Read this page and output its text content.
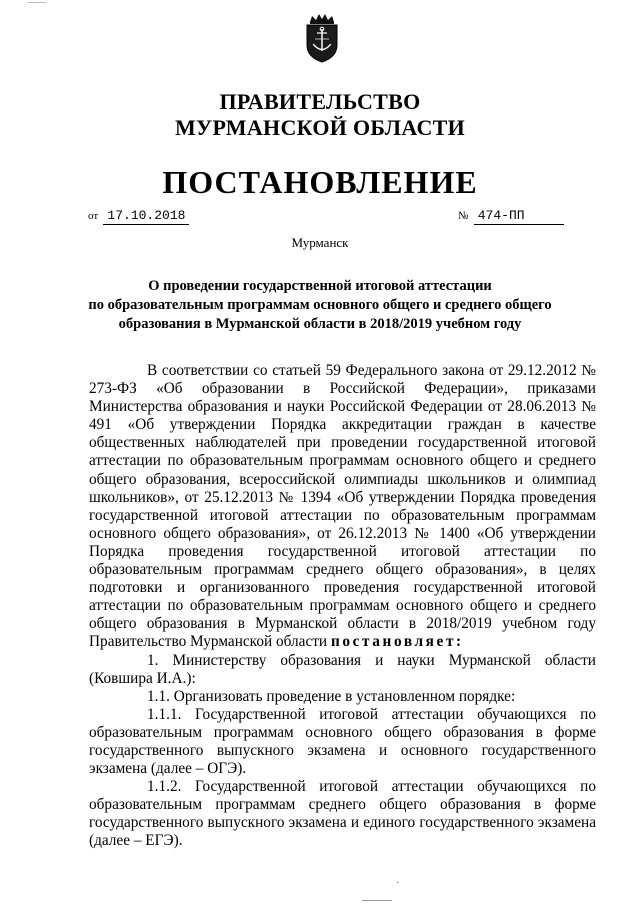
ПРАВИТЕЛЬСТВО
МУРМАНСКОЙ ОБЛАСТИ
ПОСТАНОВЛЕНИЕ
от 17.10.2018	№ 474-ПП
Мурманск
О проведении государственной итоговой аттестации
по образовательным программам основного общего и среднего общего
образования в Мурманской области в 2018/2019 учебном году

В соответствии со статьей 59 Федерального закона от 29.12.2012 № 273-ФЗ «Об образовании в Российской Федерации», приказами Министерства образования и науки Российской Федерации от 28.06.2013 № 491 «Об утверждении Порядка аккредитации граждан в качестве общественных наблюдателей при проведении государственной итоговой аттестации по образовательным программам основного общего и среднего общего образования, всероссийской олимпиады школьников и олимпиад школьников», от 25.12.2013 № 1394 «Об утверждении Порядка проведения государственной итоговой аттестации по образовательным программам основного общего образования», от 26.12.2013 № 1400 «Об утверждении Порядка проведения государственной итоговой аттестации по образовательным программам среднего общего образования», в целях подготовки и организованного проведения государственной итоговой аттестации по образовательным программам основного общего и среднего общего образования в Мурманской области в 2018/2019 учебном году Правительство Мурманской области постановляет:

1. Министерству образования и науки Мурманской области (Ковшира И.А.):

1.1. Организовать проведение в установленном порядке:

1.1.1. Государственной итоговой аттестации обучающихся по образовательным программам основного общего образования в форме государственного выпускного экзамена и основного государственного экзамена (далее – ОГЭ).

1.1.2. Государственной итоговой аттестации обучающихся по образовательным программам среднего общего образования в форме государственного выпускного экзамена и единого государственного экзамена (далее – ЕГЭ).

·
